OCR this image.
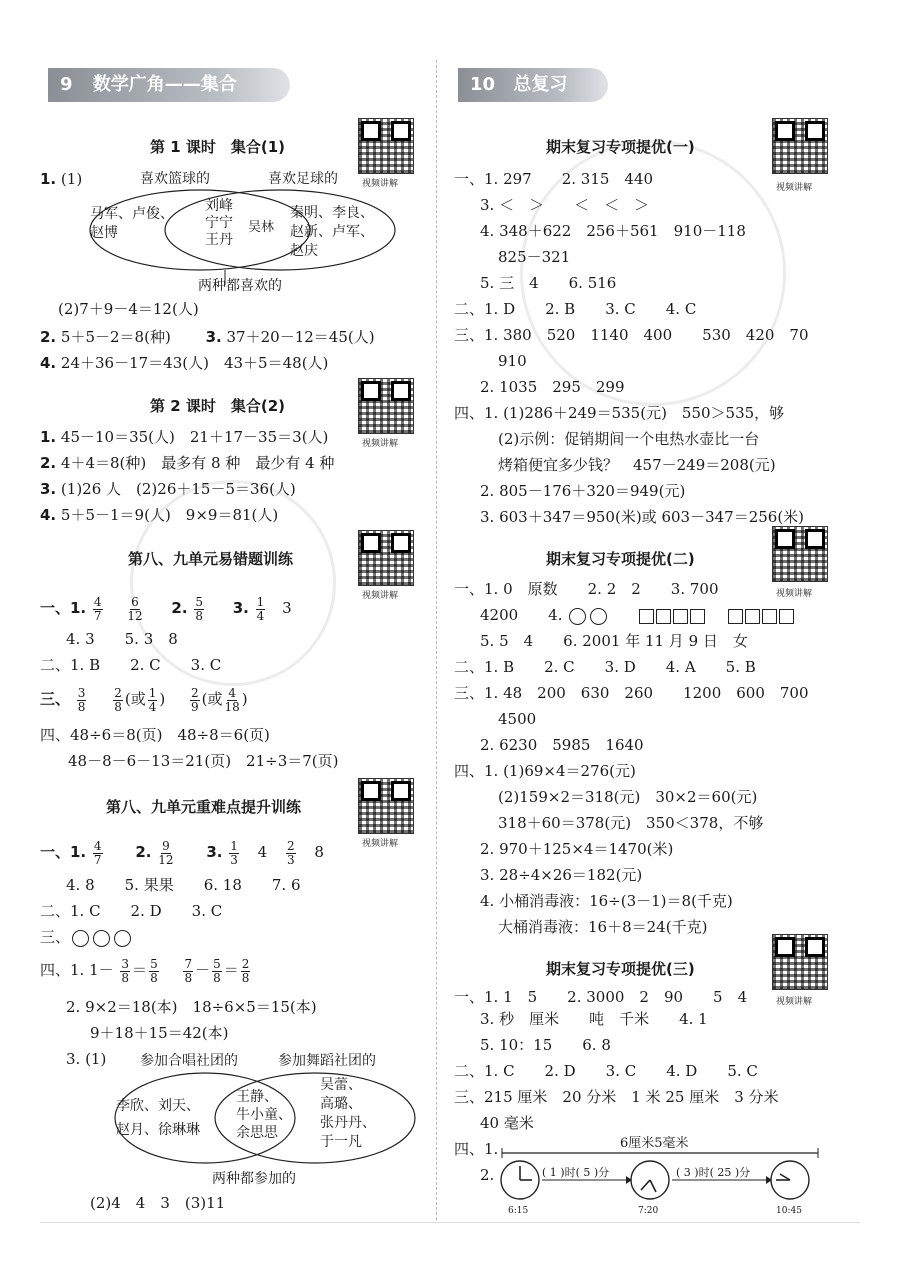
9 数学广角——集合
第 1 课时　集合(1)
视频讲解
1. (1)	喜欢篮球的	喜欢足球的
马军、卢俊、
赵博
刘峰
宁宁
王丹
吴林
秦明、李良、
赵新、卢军、
赵庆
两种都喜欢的
(2)7＋9－4＝12(人)
2. 5＋5－2＝8(种) 3. 37＋20－12＝45(人)
4. 24＋36－17＝43(人)　43＋5＝48(人)
第 2 课时　集合(2)
视频讲解
1. 45－10＝35(人)　21＋17－35＝3(人)
2. 4＋4＝8(种)　最多有 8 种　最少有 4 种
3. (1)26 人　(2)26＋15－5＝36(人)
4. 5＋5－1＝9(人)　9×9＝81(人)
第八、九单元易错题训练
视频讲解
一、1. $\frac{4}{7}$
$\frac{6}{12} 2$. $\frac{5}{8} 3$. $\frac{1}{4} 3$
4. 3　　5. 3　8
二、1. B　　2. C　　3. C
三、 $\frac{3}{8}$
$\frac{2}{8}$ (或 $\frac{1}{4}$ ) $\frac{2}{9}$ (或 $\frac{4}{18}$ )
四、48÷6＝8(页)　48÷8＝6(页)
48－8－6－13＝21(页)　21÷3＝7(页)
第八、九单元重难点提升训练
视频讲解
一、1. $\frac{4}{7} 2$. $\frac{9}{12} 3$. $\frac{1}{3} 4 \frac{2}{3} 8$
4. 8　　5. 果果　　6. 18　　7. 6
二、1. C　　2. D　　3. C
三、
四、1. $1- \frac{3}{8} = \frac{5}{8}$
$\frac{7}{8} - \frac{5}{8} = \frac{2}{8}$
2. 9×2＝18(本)　18÷6×5＝15(本)
9＋18＋15＝42(本)
3. (1) 参加合唱社团的	参加舞蹈社团的
李欣、刘天、
赵月、徐琳琳
王静、
牛小童、
余思思
吴蕾、
高璐、
张丹丹、
于一凡
两种都参加的
(2)4　4　3　(3)11
10 总复习
期末复习专项提优(一)
视频讲解
一、1. 297　　2. 315　440
3. ＜　＞　　＜　＜　＞
4. 348＋622　256＋561　910－118
825－321
5. 三　4　　6. 516
二、1. D　　2. B　　3. C　　4. C
三、1. 380　520　1140　400　　530　420　70
910
2. 1035　295　299
四、1. (1)286＋249＝535(元)　550＞535，够
(2)示例：促销期间一个电热水壶比一台
烤箱便宜多少钱？　457－249＝208(元)
2. 805－176＋320＝949(元)
3. 603＋347＝950(米)或 603－347＝256(米)
期末复习专项提优(二)
视频讲解
一、1. 0　原数　　2. 2　2　　3. 700
4200　　4.
5. 5　4　　6. 2001 年 11 月 9 日　女
二、1. B　　2. C　　3. D　　4. A　　5. B
三、1. 48　200　630　260　　1200　600　700
4500
2. 6230　5985　1640
四、1. (1)69×4＝276(元)
(2)159×2＝318(元)　30×2＝60(元)
318＋60＝378(元)　350＜378，不够
2. 970＋125×4＝1470(米)
3. 28÷4×26＝182(元)
4. 小桶消毒液：16÷(3－1)＝8(千克)
大桶消毒液：16＋8＝24(千克)
期末复习专项提优(三)
视频讲解
一、1. 1　5　　2. 3000　2　90　　5　4
3. 秒　厘米　　吨　千米　　4. 1
5. 10：15　　6. 8
二、1. C　　2. D　　3. C　　4. D　　5. C
三、215 厘米　20 分米　1 米 25 厘米　3 分米
40 毫米
四、1.	6厘米5毫米
2.	( 1 )时( 5 )分	( 3 )时( 25 )分
6:15	7:20	10:45
